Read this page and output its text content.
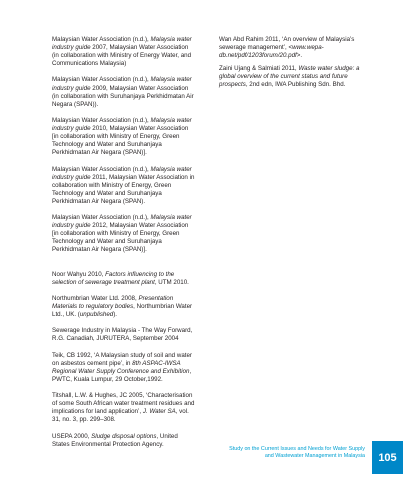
Malaysian Water Association (n.d.), Malaysia water industry guide 2007, Malaysian Water Association (in collaboration with Ministry of Energy Water, and Communications Malaysia)

Malaysian Water Association (n.d.), Malaysia water industry guide 2009, Malaysian Water Association (in collaboration with Suruhanjaya Perkhidmatan Air Negara (SPAN)).

Malaysian Water Association (n.d.), Malaysia water industry guide 2010, Malaysian Water Association [in collaboration with Ministry of Energy, Green Technology and Water and Suruhanjaya Perkhidmatan Air Negara (SPAN)].

Malaysian Water Association (n.d.), Malaysia water industry guide 2011, Malaysian Water Association in collaboration with Ministry of Energy, Green Technology and Water and Suruhanjaya Perkhidmatan Air Negara (SPAN).

Malaysian Water Association (n.d.), Malaysia water industry guide 2012, Malaysian Water Association [in collaboration with Ministry of Energy, Green Technology and Water and Suruhanjaya Perkhidmatan Air Negara (SPAN)].

Noor Wahyu 2010, Factors influencing to the selection of sewerage treatment plant, UTM 2010.

Northumbrian Water Ltd. 2008, Presentation Materials to regulatory bodies, Northumbrian Water Ltd., UK. (unpublished).

Sewerage Industry in Malaysia - The Way Forward, R.G. Canadiah, JURUTERA, September 2004

Teik, CB 1992, ‘A Malaysian study of soil and water on asbestos cement pipe’, in 8th ASPAC-IWSA Regional Water Supply Conference and Exhibition, PWTC, Kuala Lumpur, 29 October,1992.

Titshall, L.W. & Hughes, JC 2005, ‘Characterisation of some South African water treatment residues and implications for land application’, J. Water SA, vol. 31, no. 3, pp. 299–308.

USEPA 2000, Sludge disposal options, United States Environmental Protection Agency.

Wan Abd Rahim 2011, ‘An overview of Malaysia’s sewerage management’, <www.wepa-db.net/pdf/1203forum/20.pdf>.

Zaini Ujang & Salmiati 2011, Waste water sludge: a global overview of the current status and future prospects, 2nd edn, IWA Publishing Sdn. Bhd.

Study on the Current Issues and Needs for Water Supply
and Wastewater Management in Malaysia	105
